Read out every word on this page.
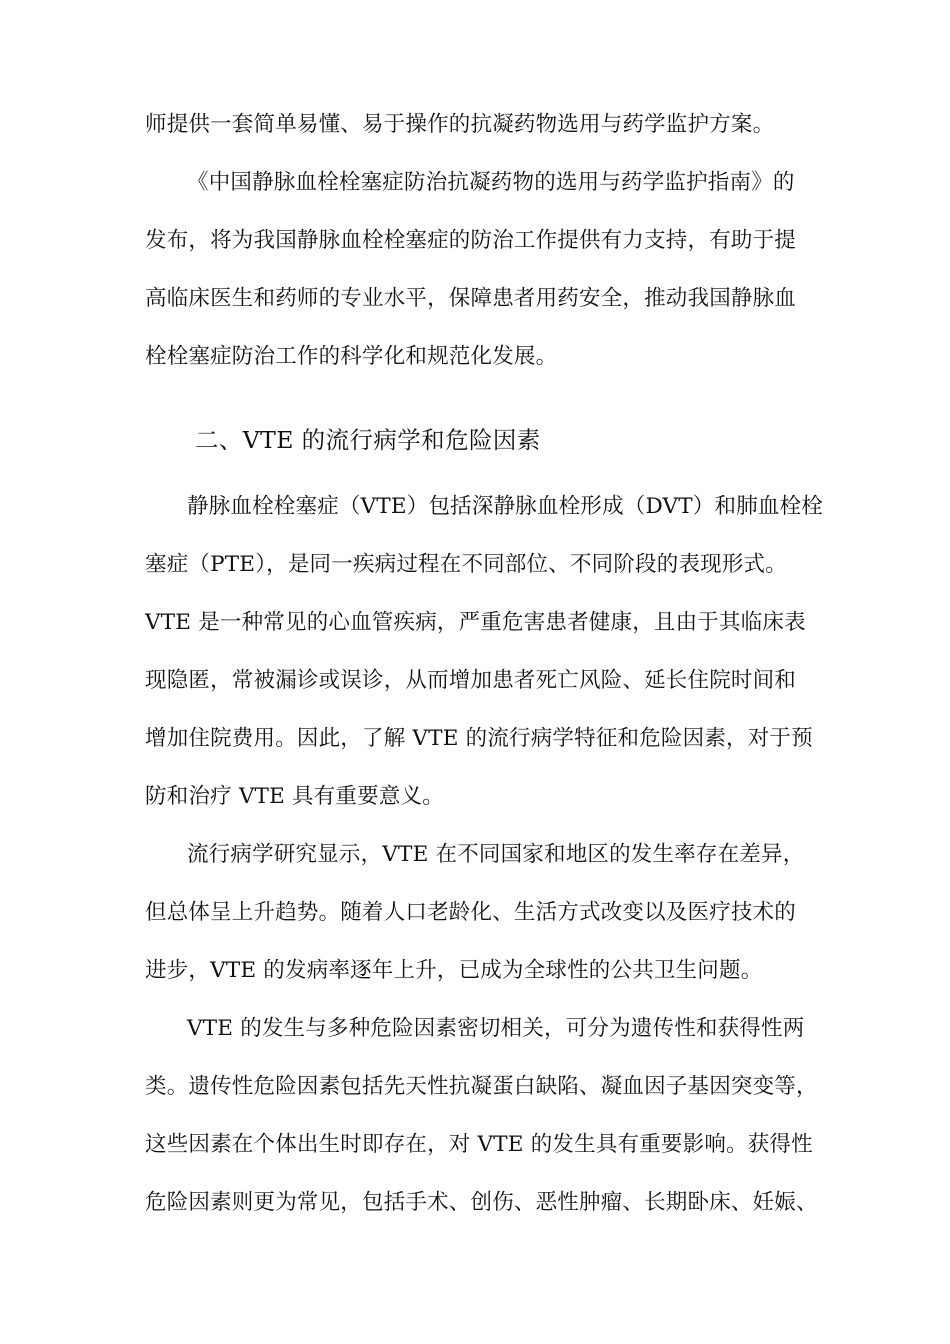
师提供一套简单易懂、易于操作的抗凝药物选用与药学监护方案。
《中国静脉血栓栓塞症防治抗凝药物的选用与药学监护指南》的
发布，将为我国静脉血栓栓塞症的防治工作提供有力支持，有助于提
高临床医生和药师的专业水平，保障患者用药安全，推动我国静脉血
栓栓塞症防治工作的科学化和规范化发展。
二、VTE 的流行病学和危险因素
静脉血栓栓塞症（VTE）包括深静脉血栓形成（DVT）和肺血栓栓
塞症（PTE），是同一疾病过程在不同部位、不同阶段的表现形式。
VTE 是一种常见的心血管疾病，严重危害患者健康，且由于其临床表
现隐匿，常被漏诊或误诊，从而增加患者死亡风险、延长住院时间和
增加住院费用。因此，了解 VTE 的流行病学特征和危险因素，对于预
防和治疗 VTE 具有重要意义。
流行病学研究显示，VTE 在不同国家和地区的发生率存在差异，
但总体呈上升趋势。随着人口老龄化、生活方式改变以及医疗技术的
进步，VTE 的发病率逐年上升，已成为全球性的公共卫生问题。
VTE 的发生与多种危险因素密切相关，可分为遗传性和获得性两
类。遗传性危险因素包括先天性抗凝蛋白缺陷、凝血因子基因突变等，
这些因素在个体出生时即存在，对 VTE 的发生具有重要影响。获得性
危险因素则更为常见，包括手术、创伤、恶性肿瘤、长期卧床、妊娠、
